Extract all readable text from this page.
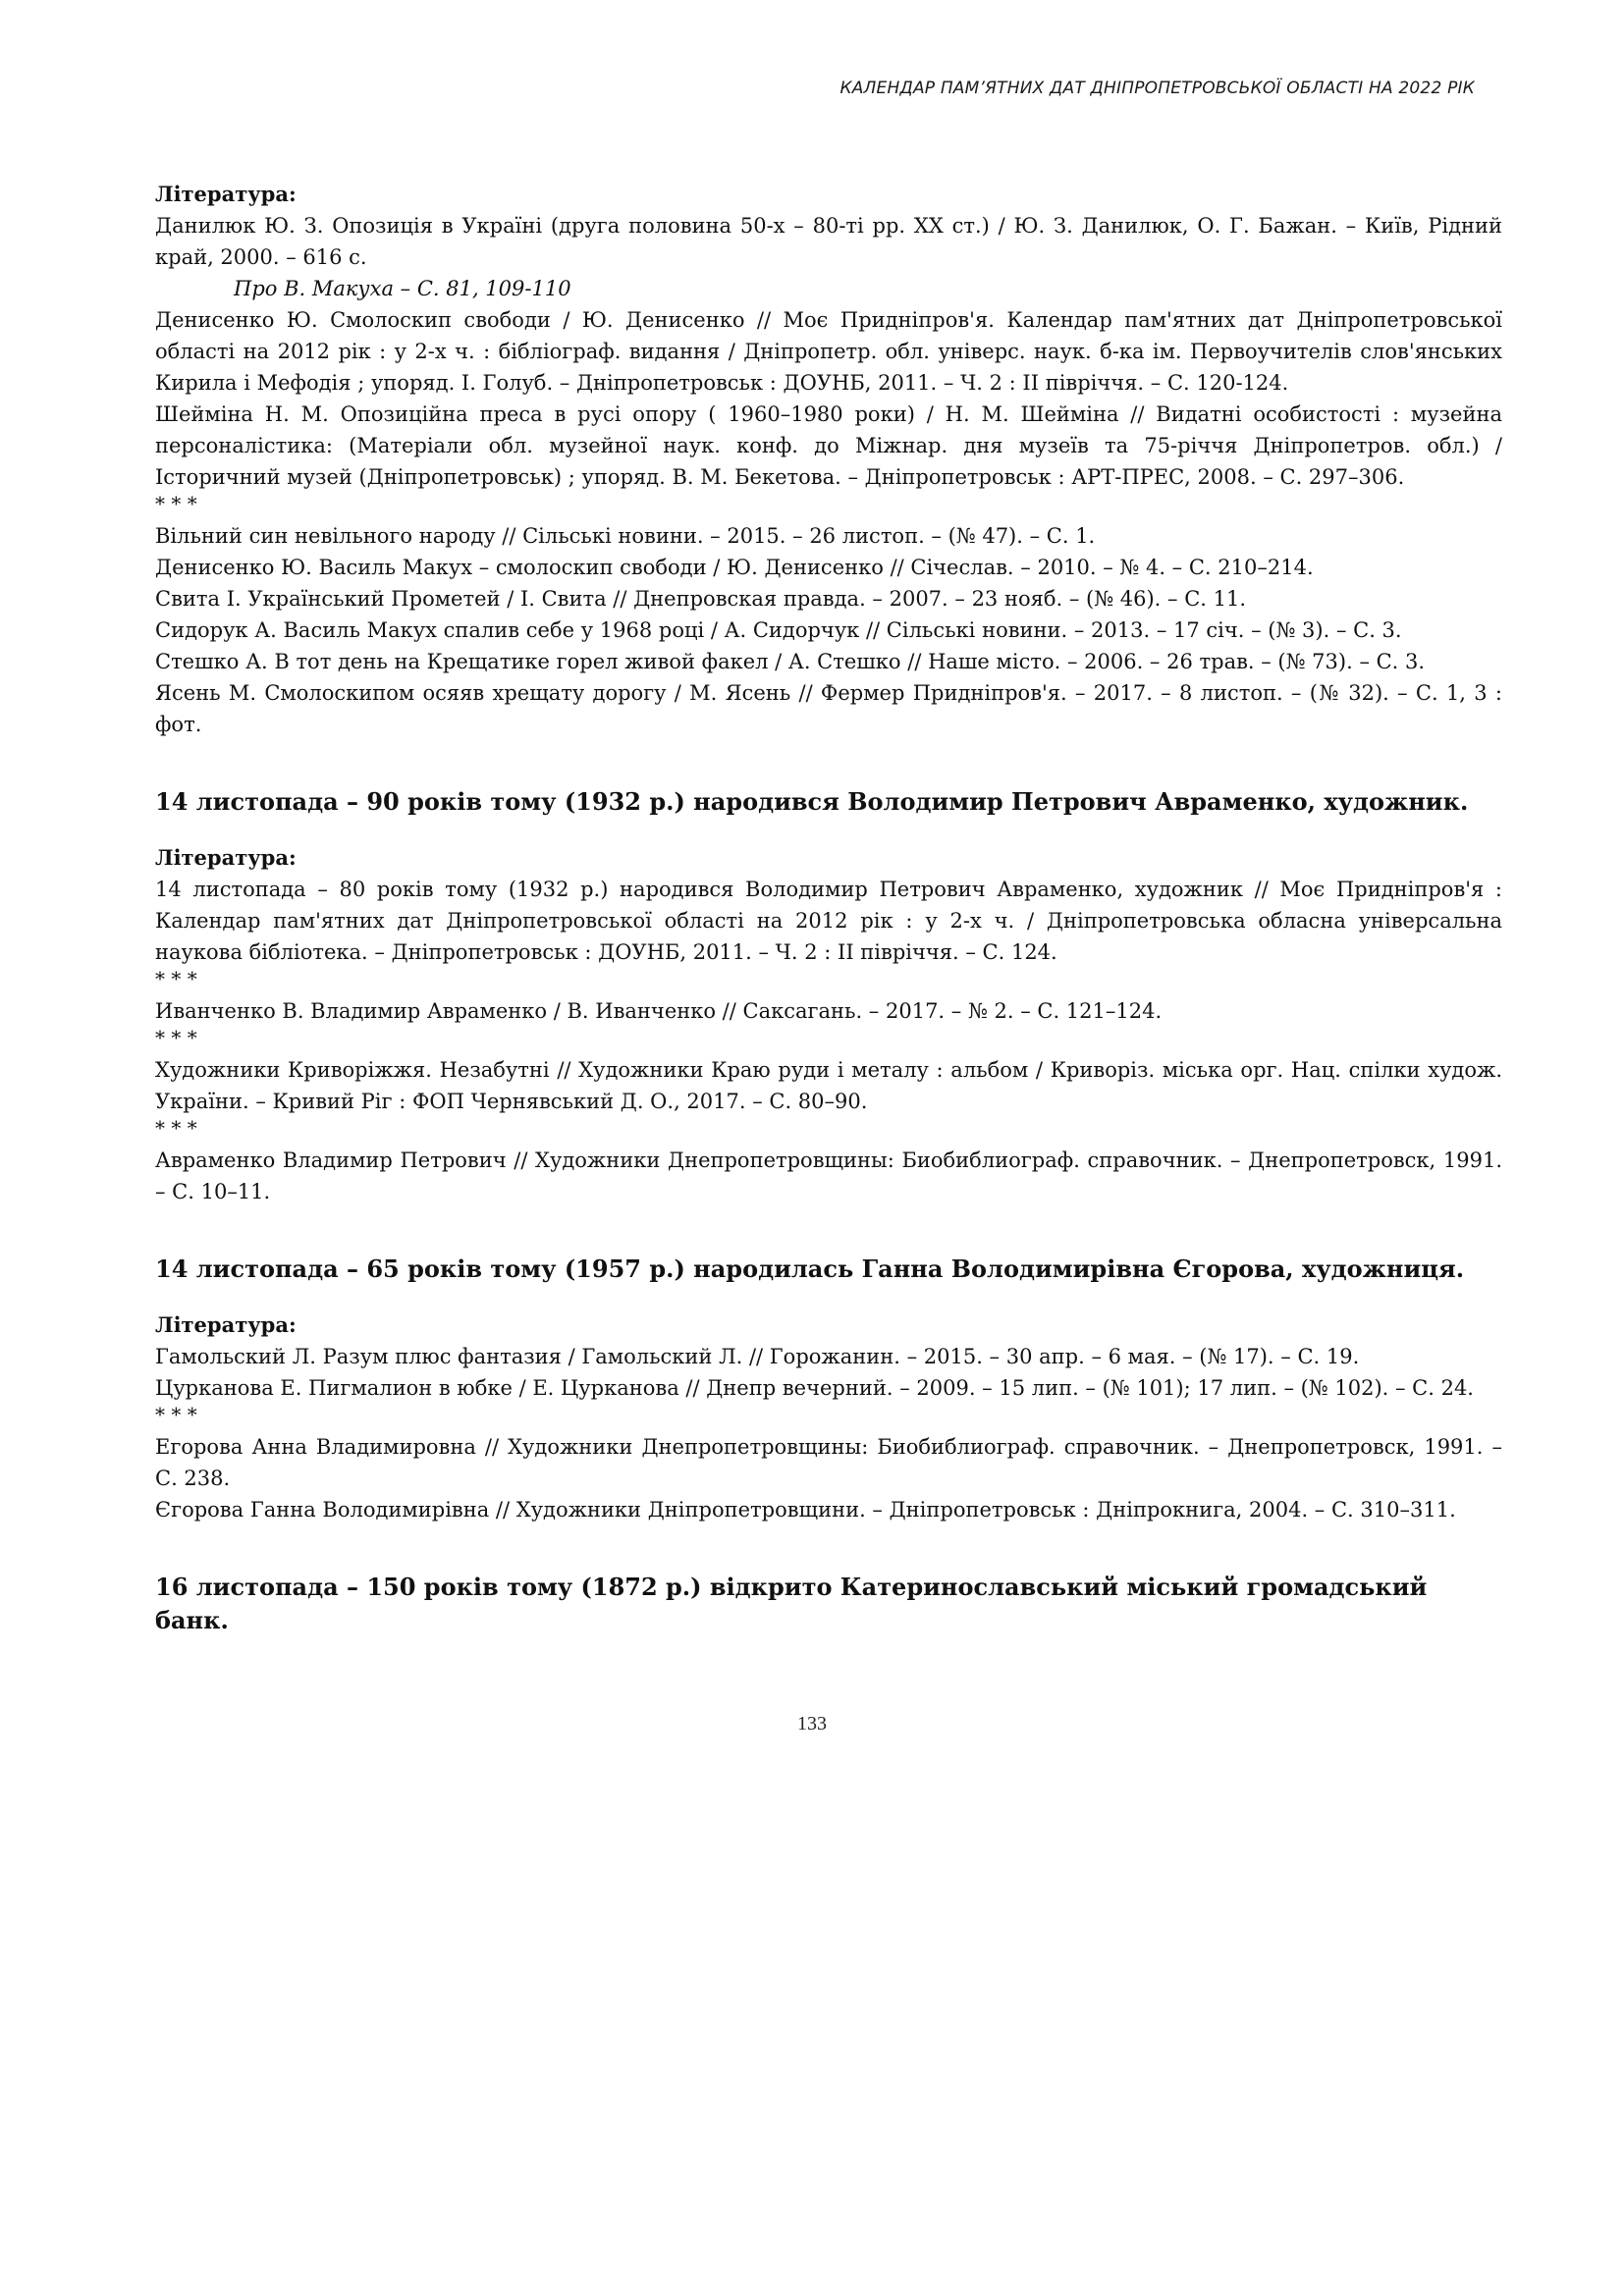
КАЛЕНДАР ПАМ’ЯТНИХ ДАТ ДНІПРОПЕТРОВСЬКОЇ ОБЛАСТІ НА 2022 РІК

Література:

Данилюк Ю. З. Опозиція в Україні (друга половина 50-х – 80-ті рр. XX ст.) / Ю. З. Данилюк, О. Г. Бажан. – Київ, Рідний край, 2000. – 616 с.

Про В. Макуха – С. 81, 109-110

Денисенко Ю. Смолоскип свободи / Ю. Денисенко // Моє Придніпров'я. Календар пам'ятних дат Дніпропетровської області на 2012 рік : у 2-х ч. : бібліограф. видання / Дніпропетр. обл. універс. наук. б-ка ім. Первоучителів слов'янських Кирила і Мефодія ; упоряд. І. Голуб. – Дніпропетровськ : ДОУНБ, 2011. – Ч. 2 : II півріччя. – С. 120-124.

Шейміна Н. М. Опозиційна преса в русі опору ( 1960–1980 роки) / Н. М. Шейміна // Видатні особистості : музейна персоналістика: (Матеріали обл. музейної наук. конф. до Міжнар. дня музеїв та 75-річчя Дніпропетров. обл.) / Історичний музей (Дніпропетровськ) ; упоряд. В. М. Бекетова. – Дніпропетровськ : АРТ-ПРЕС, 2008. – С. 297–306.

* * *

Вільний син невільного народу // Сільські новини. – 2015. – 26 листоп. – (№ 47). – С. 1.

Денисенко Ю. Василь Макух – смолоскип свободи / Ю. Денисенко // Січеслав. – 2010. – № 4. – С. 210–214.

Свита І. Український Прометей / І. Свита // Днепровская правда. – 2007. – 23 нояб. – (№ 46). – С. 11.

Сидорук А. Василь Макух спалив себе у 1968 році / А. Сидорчук // Сільські новини. – 2013. – 17 січ. – (№ 3). – С. 3.

Стешко А. В тот день на Крещатике горел живой факел / А. Стешко // Наше місто. – 2006. – 26 трав. – (№ 73). – С. 3.

Ясень М. Смолоскипом осяяв хрещату дорогу / М. Ясень // Фермер Придніпров'я. – 2017. – 8 листоп. – (№ 32). – С. 1, 3 : фот.

14 листопада – 90 років тому (1932 р.) народився Володимир Петрович Авраменко, художник.

Література:

14 листопада – 80 років тому (1932 р.) народився Володимир Петрович Авраменко, художник // Моє Придніпров'я : Календар пам'ятних дат Дніпропетровської області на 2012 рік : у 2-х ч. / Дніпропетровська обласна універсальна наукова бібліотека. – Дніпропетровськ : ДОУНБ, 2011. – Ч. 2 : II півріччя. – С. 124.

* * *

Иванченко В. Владимир Авраменко / В. Иванченко // Саксагань. – 2017. – № 2. – С. 121–124.

* * *

Художники Криворіжжя. Незабутні // Художники Краю руди і металу : альбом / Криворіз. міська орг. Нац. спілки худож. України. – Кривий Ріг : ФОП Чернявський Д. О., 2017. – С. 80–90.

* * *

Авраменко Владимир Петрович // Художники Днепропетровщины: Биобиблиограф. справочник. – Днепропетровск, 1991. – С. 10–11.

14 листопада – 65 років тому (1957 р.) народилась Ганна Володимирівна Єгорова, художниця.

Література:

Гамольский Л. Разум плюс фантазия / Гамольский Л. // Горожанин. – 2015. – 30 апр. – 6 мая. – (№ 17). – С. 19.

Цурканова Е. Пигмалион в юбке / Е. Цурканова // Днепр вечерний. – 2009. – 15 лип. – (№ 101); 17 лип. – (№ 102). – С. 24.

* * *

Егорова Анна Владимировна // Художники Днепропетровщины: Биобиблиограф. справочник. – Днепропетровск, 1991. – С. 238.

Єгорова Ганна Володимирівна // Художники Дніпропетровщини. – Дніпропетровськ : Дніпрокнига, 2004. – С. 310–311.

16 листопада – 150 років тому (1872 р.) відкрито Катеринославський міський громадський банк.

133
